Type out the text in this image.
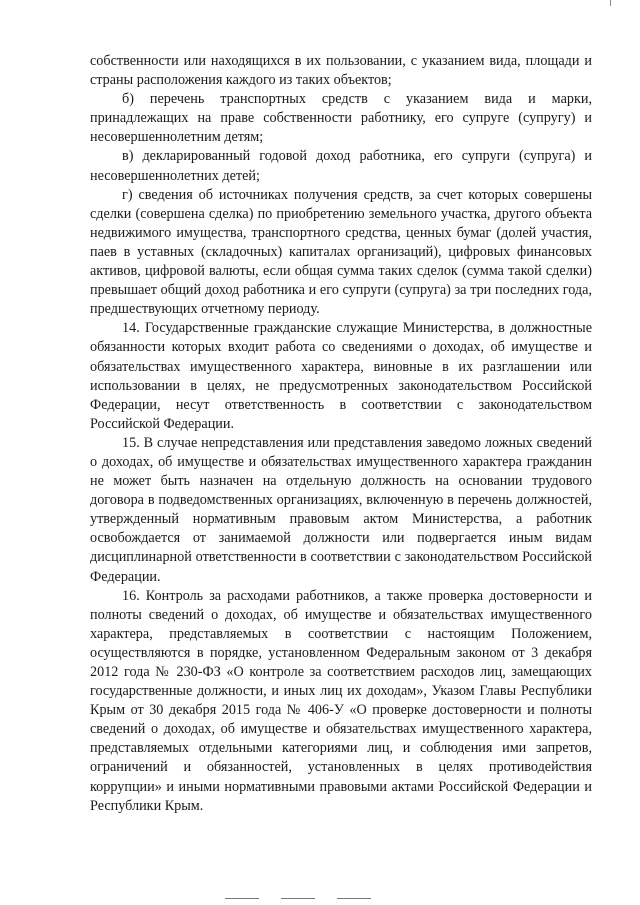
собственности или находящихся в их пользовании, с указанием вида, площади и страны расположения каждого из таких объектов;

б) перечень транспортных средств с указанием вида и марки, принадлежащих на праве собственности работнику, его супруге (супругу) и несовершеннолетним детям;

в) декларированный годовой доход работника, его супруги (супруга) и несовершеннолетних детей;

г) сведения об источниках получения средств, за счет которых совершены сделки (совершена сделка) по приобретению земельного участка, другого объекта недвижимого имущества, транспортного средства, ценных бумаг (долей участия, паев в уставных (складочных) капиталах организаций), цифровых финансовых активов, цифровой валюты, если общая сумма таких сделок (сумма такой сделки) превышает общий доход работника и его супруги (супруга) за три последних года, предшествующих отчетному периоду.

14. Государственные гражданские служащие Министерства, в должностные обязанности которых входит работа со сведениями о доходах, об имуществе и обязательствах имущественного характера, виновные в их разглашении или использовании в целях, не предусмотренных законодательством Российской Федерации, несут ответственность в соответствии с законодательством Российской Федерации.

15. В случае непредставления или представления заведомо ложных сведений о доходах, об имуществе и обязательствах имущественного характера гражданин не может быть назначен на отдельную должность на основании трудового договора в подведомственных организациях, включенную в перечень должностей, утвержденный нормативным правовым актом Министерства, а работник освобождается от занимаемой должности или подвергается иным видам дисциплинарной ответственности в соответствии с законодательством Российской Федерации.

16. Контроль за расходами работников, а также проверка достоверности и полноты сведений о доходах, об имуществе и обязательствах имущественного характера, представляемых в соответствии с настоящим Положением, осуществляются в порядке, установленном Федеральным законом от 3 декабря 2012 года № 230-ФЗ «О контроле за соответствием расходов лиц, замещающих государственные должности, и иных лиц их доходам», Указом Главы Республики Крым от 30 декабря 2015 года № 406-У «О проверке достоверности и полноты сведений о доходах, об имуществе и обязательствах имущественного характера, представляемых отдельными категориями лиц, и соблюдения ими запретов, ограничений и обязанностей, установленных в целях противодействия коррупции» и иными нормативными правовыми актами Российской Федерации и Республики Крым.
